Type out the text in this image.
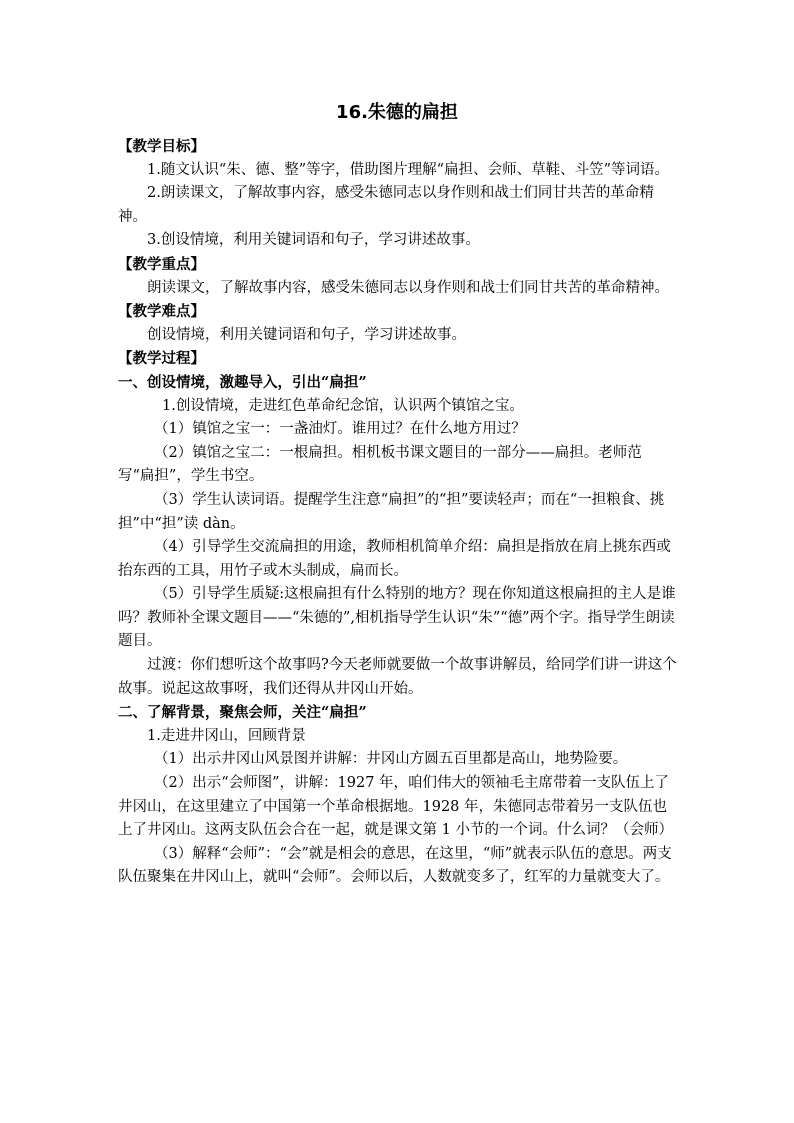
16.朱德的扁担

【教学目标】

1.随文认识“朱、德、整”等字，借助图片理解“扁担、会师、草鞋、斗笠”等词语。

2.朗读课文，了解故事内容，感受朱德同志以身作则和战士们同甘共苦的革命精神。

3.创设情境，利用关键词语和句子，学习讲述故事。

【教学重点】

朗读课文，了解故事内容，感受朱德同志以身作则和战士们同甘共苦的革命精神。

【教学难点】

创设情境，利用关键词语和句子，学习讲述故事。

【教学过程】

一、创设情境，激趣导入，引出“扁担”

1.创设情境，走进红色革命纪念馆，认识两个镇馆之宝。

（1）镇馆之宝一：一盏油灯。谁用过？在什么地方用过？

（2）镇馆之宝二：一根扁担。相机板书课文题目的一部分——扁担。老师范写“扁担”，学生书空。

（3）学生认读词语。提醒学生注意“扁担”的“担”要读轻声；而在“一担粮食、挑担”中“担”读 dàn。

（4）引导学生交流扁担的用途，教师相机简单介绍：扁担是指放在肩上挑东西或抬东西的工具，用竹子或木头制成，扁而长。

（5）引导学生质疑:这根扁担有什么特别的地方？现在你知道这根扁担的主人是谁吗？教师补全课文题目——“朱德的”,相机指导学生认识“朱”“德”两个字。指导学生朗读题目。

过渡：你们想听这个故事吗?今天老师就要做一个故事讲解员，给同学们讲一讲这个故事。说起这故事呀，我们还得从井冈山开始。

二、了解背景，聚焦会师，关注“扁担”

1.走进井冈山，回顾背景

（1）出示井冈山风景图并讲解：井冈山方圆五百里都是高山，地势险要。

（2）出示“会师图”，讲解：1927 年，咱们伟大的领袖毛主席带着一支队伍上了井冈山，在这里建立了中国第一个革命根据地。1928 年，朱德同志带着另一支队伍也上了井冈山。这两支队伍会合在一起，就是课文第 1 小节的一个词。什么词？（会师）

（3）解释“会师”：“会”就是相会的意思，在这里，“师”就表示队伍的意思。两支队伍聚集在井冈山上，就叫“会师”。会师以后，人数就变多了，红军的力量就变大了。
